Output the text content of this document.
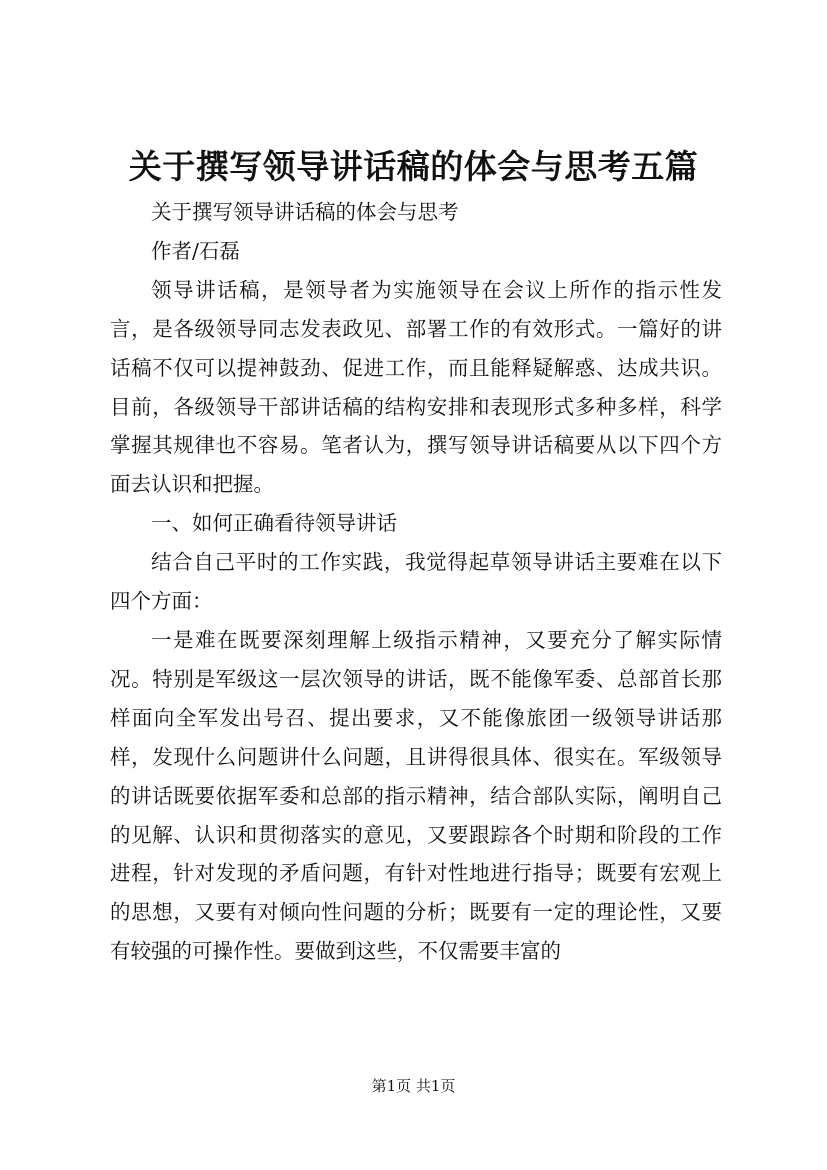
关于撰写领导讲话稿的体会与思考五篇

关于撰写领导讲话稿的体会与思考

作者/石磊

领导讲话稿，是领导者为实施领导在会议上所作的指示性发言，是各级领导同志发表政见、部署工作的有效形式。一篇好的讲话稿不仅可以提神鼓劲、促进工作，而且能释疑解惑、达成共识。目前，各级领导干部讲话稿的结构安排和表现形式多种多样，科学掌握其规律也不容易。笔者认为，撰写领导讲话稿要从以下四个方面去认识和把握。

一、如何正确看待领导讲话

结合自己平时的工作实践，我觉得起草领导讲话主要难在以下四个方面：

一是难在既要深刻理解上级指示精神，又要充分了解实际情况。特别是军级这一层次领导的讲话，既不能像军委、总部首长那样面向全军发出号召、提出要求，又不能像旅团一级领导讲话那样，发现什么问题讲什么问题，且讲得很具体、很实在。军级领导的讲话既要依据军委和总部的指示精神，结合部队实际，阐明自己的见解、认识和贯彻落实的意见，又要跟踪各个时期和阶段的工作进程，针对发现的矛盾问题，有针对性地进行指导；既要有宏观上的思想，又要有对倾向性问题的分析；既要有一定的理论性，又要有较强的可操作性。要做到这些，不仅需要丰富的

第1页 共1页
